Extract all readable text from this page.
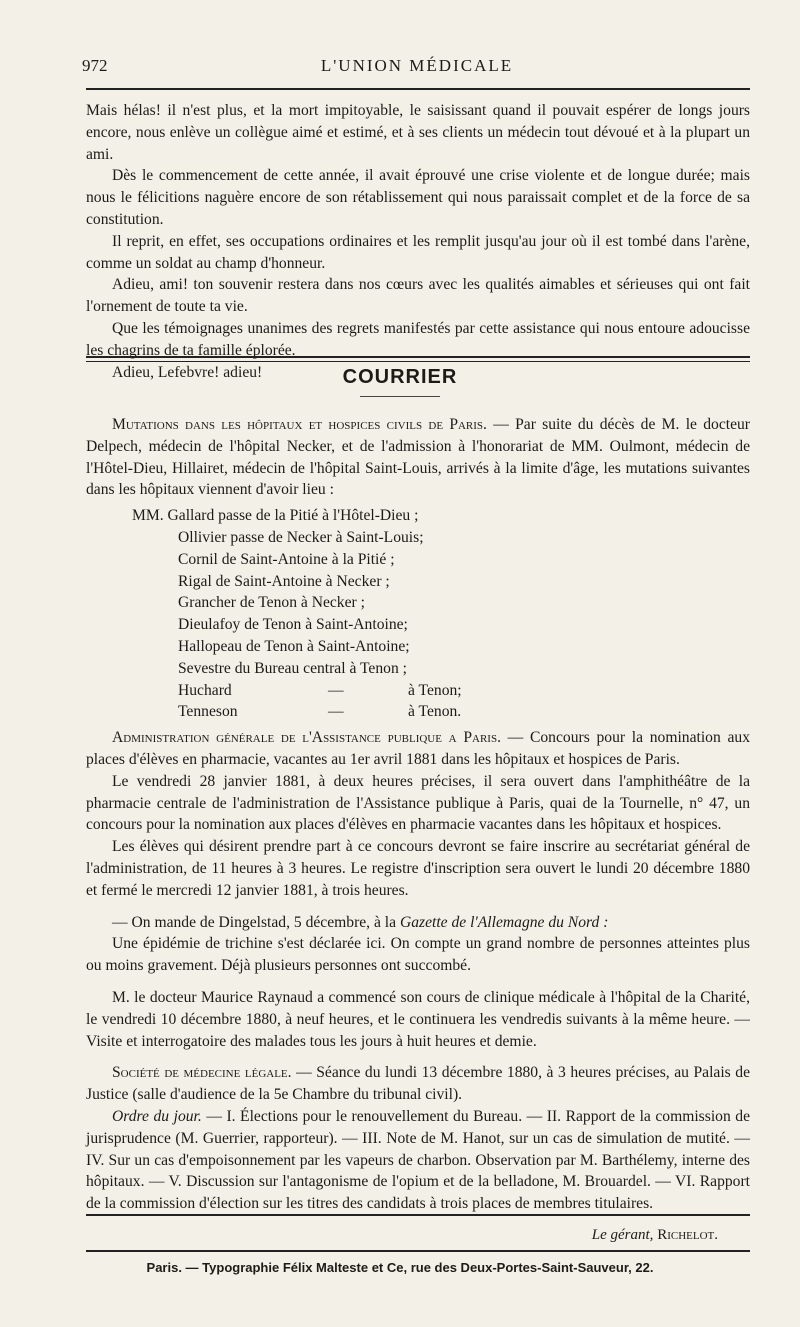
972	L'UNION MÉDICALE

Mais hélas! il n'est plus, et la mort impitoyable, le saisissant quand il pouvait espérer de longs jours encore, nous enlève un collègue aimé et estimé, et à ses clients un médecin tout dévoué et à la plupart un ami.

Dès le commencement de cette année, il avait éprouvé une crise violente et de longue durée; mais nous le félicitions naguère encore de son rétablissement qui nous paraissait complet et de la force de sa constitution.

Il reprit, en effet, ses occupations ordinaires et les remplit jusqu'au jour où il est tombé dans l'arène, comme un soldat au champ d'honneur.

Adieu, ami! ton souvenir restera dans nos cœurs avec les qualités aimables et sérieuses qui ont fait l'ornement de toute ta vie.

Que les témoignages unanimes des regrets manifestés par cette assistance qui nous entoure adoucisse les chagrins de ta famille éplorée.

Adieu, Lefebvre! adieu!	COURRIER

Mutations dans les hôpitaux et hospices civils de Paris. — Par suite du décès de M. le docteur Delpech, médecin de l'hôpital Necker, et de l'admission à l'honorariat de MM. Oulmont, médecin de l'Hôtel-Dieu, Hillairet, médecin de l'hôpital Saint-Louis, arrivés à la limite d'âge, les mutations suivantes dans les hôpitaux viennent d'avoir lieu :

MM. Gallard passe de la Pitié à l'Hôtel-Dieu ;
Ollivier passe de Necker à Saint-Louis;
Cornil de Saint-Antoine à la Pitié ;
Rigal de Saint-Antoine à Necker ;
Grancher de Tenon à Necker ;
Dieulafoy de Tenon à Saint-Antoine;
Hallopeau de Tenon à Saint-Antoine;
Sevestre du Bureau central à Tenon ;
Huchard	—	à Tenon;
Tenneson	—	à Tenon.

Administration générale de l'Assistance publique a Paris. — Concours pour la nomination aux places d'élèves en pharmacie, vacantes au 1er avril 1881 dans les hôpitaux et hospices de Paris.

Le vendredi 28 janvier 1881, à deux heures précises, il sera ouvert dans l'amphithéâtre de la pharmacie centrale de l'administration de l'Assistance publique à Paris, quai de la Tournelle, n° 47, un concours pour la nomination aux places d'élèves en pharmacie vacantes dans les hôpitaux et hospices.

Les élèves qui désirent prendre part à ce concours devront se faire inscrire au secrétariat général de l'administration, de 11 heures à 3 heures. Le registre d'inscription sera ouvert le lundi 20 décembre 1880 et fermé le mercredi 12 janvier 1881, à trois heures.

— On mande de Dingelstad, 5 décembre, à la Gazette de l'Allemagne du Nord :

Une épidémie de trichine s'est déclarée ici. On compte un grand nombre de personnes atteintes plus ou moins gravement. Déjà plusieurs personnes ont succombé.

M. le docteur Maurice Raynaud a commencé son cours de clinique médicale à l'hôpital de la Charité, le vendredi 10 décembre 1880, à neuf heures, et le continuera les vendredis suivants à la même heure. — Visite et interrogatoire des malades tous les jours à huit heures et demie.

Société de médecine légale. — Séance du lundi 13 décembre 1880, à 3 heures précises, au Palais de Justice (salle d'audience de la 5e Chambre du tribunal civil).

Ordre du jour. — I. Élections pour le renouvellement du Bureau. — II. Rapport de la commission de jurisprudence (M. Guerrier, rapporteur). — III. Note de M. Hanot, sur un cas de simulation de mutité. — IV. Sur un cas d'empoisonnement par les vapeurs de charbon. Observation par M. Barthélemy, interne des hôpitaux. — V. Discussion sur l'antagonisme de l'opium et de la belladone, M. Brouardel. — VI. Rapport de la commission d'élection sur les titres des candidats à trois places de membres titulaires.

Le gérant, Richelot.
Paris. — Typographie Félix Malteste et Ce, rue des Deux-Portes-Saint-Sauveur, 22.
